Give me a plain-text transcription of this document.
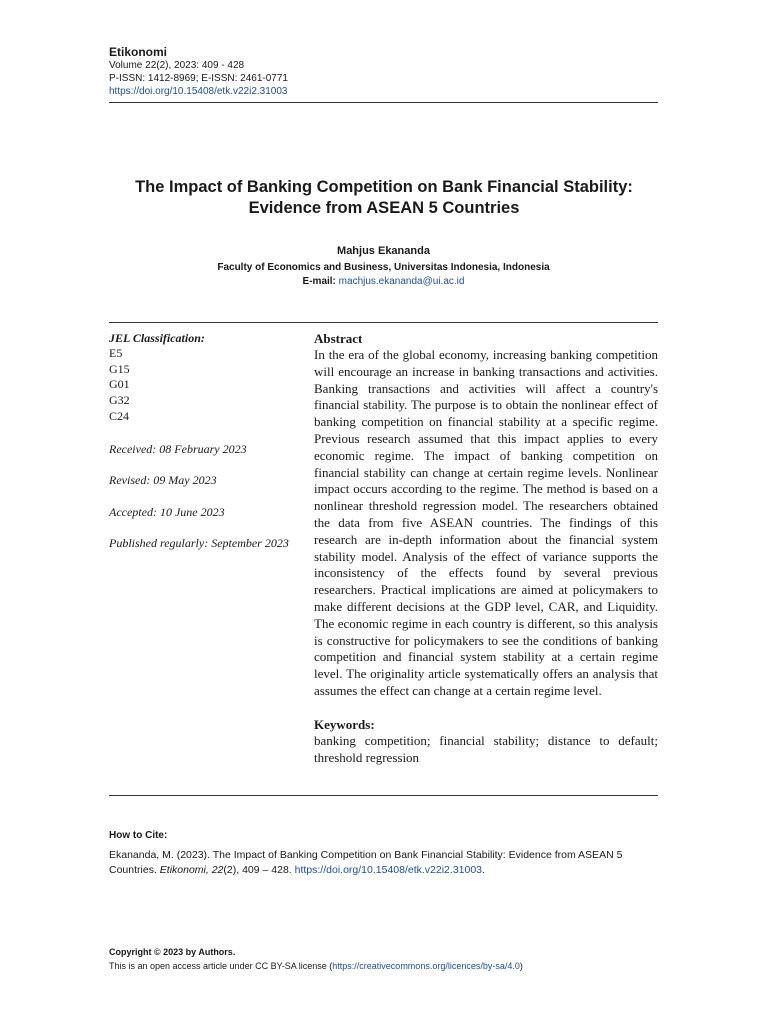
Etikonomi
Volume 22(2), 2023: 409 - 428
P-ISSN: 1412-8969; E-ISSN: 2461-0771
https://doi.org/10.15408/etk.v22i2.31003
The Impact of Banking Competition on Bank Financial Stability:
Evidence from ASEAN 5 Countries
Mahjus Ekananda
Faculty of Economics and Business, Universitas Indonesia, Indonesia
E-mail: machjus.ekananda@ui.ac.id
JEL Classification:
E5
G15
G01
G32
C24
Received: 08 February 2023
Revised: 09 May 2023
Accepted: 10 June 2023
Published regularly: September 2023
Abstract
In the era of the global economy, increasing banking competition will encourage an increase in banking transactions and activities. Banking transactions and activities will affect a country's financial stability. The purpose is to obtain the nonlinear effect of banking competition on financial stability at a specific regime. Previous research assumed that this impact applies to every economic regime. The impact of banking competition on financial stability can change at certain regime levels. Nonlinear impact occurs according to the regime. The method is based on a nonlinear threshold regression model. The researchers obtained the data from five ASEAN countries. The findings of this research are in-depth information about the financial system stability model. Analysis of the effect of variance supports the inconsistency of the effects found by several previous researchers. Practical implications are aimed at policymakers to make different decisions at the GDP level, CAR, and Liquidity. The economic regime in each country is different, so this analysis is constructive for policymakers to see the conditions of banking competition and financial system stability at a certain regime level. The originality article systematically offers an analysis that assumes the effect can change at a certain regime level.
Keywords:
banking competition; financial stability; distance to default; threshold regression
How to Cite:
Ekananda, M. (2023). The Impact of Banking Competition on Bank Financial Stability: Evidence from ASEAN 5 Countries. Etikonomi, 22(2), 409 – 428. https://doi.org/10.15408/etk.v22i2.31003.
Copyright © 2023 by Authors.
This is an open access article under CC BY-SA license (https://creativecommons.org/licences/by-sa/4.0)
